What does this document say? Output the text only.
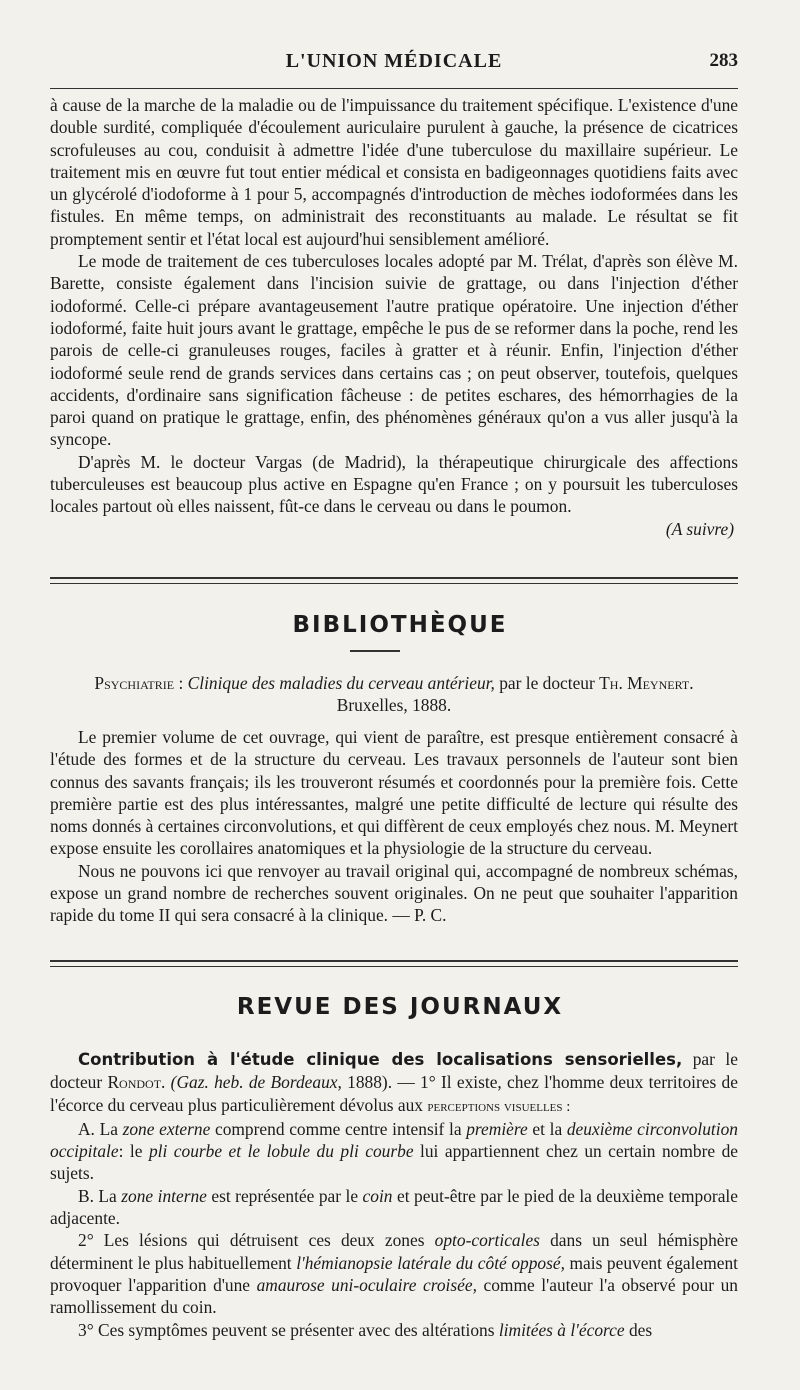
L'UNION MÉDICALE	283

à cause de la marche de la maladie ou de l'impuissance du traitement spécifique. L'existence d'une double surdité, compliquée d'écoulement auriculaire purulent à gauche, la présence de cicatrices scrofuleuses au cou, conduisit à admettre l'idée d'une tuberculose du maxillaire supérieur. Le traitement mis en œuvre fut tout entier médical et consista en badigeonnages quotidiens faits avec un glycérolé d'iodoforme à 1 pour 5, accompagnés d'introduction de mèches iodoformées dans les fistules. En même temps, on administrait des reconstituants au malade. Le résultat se fit promptement sentir et l'état local est aujourd'hui sensiblement amélioré.

Le mode de traitement de ces tuberculoses locales adopté par M. Trélat, d'après son élève M. Barette, consiste également dans l'incision suivie de grattage, ou dans l'injection d'éther iodoformé. Celle-ci prépare avantageusement l'autre pratique opératoire. Une injection d'éther iodoformé, faite huit jours avant le grattage, empêche le pus de se reformer dans la poche, rend les parois de celle-ci granuleuses rouges, faciles à gratter et à réunir. Enfin, l'injection d'éther iodoformé seule rend de grands services dans certains cas ; on peut observer, toutefois, quelques accidents, d'ordinaire sans signification fâcheuse : de petites eschares, des hémorrhagies de la paroi quand on pratique le grattage, enfin, des phénomènes généraux qu'on a vus aller jusqu'à la syncope.

D'après M. le docteur Vargas (de Madrid), la thérapeutique chirurgicale des affections tuberculeuses est beaucoup plus active en Espagne qu'en France ; on y poursuit les tuberculoses locales partout où elles naissent, fût-ce dans le cerveau ou dans le poumon.

(A suivre)

BIBLIOTHÈQUE

Psychiatrie : Clinique des maladies du cerveau antérieur, par le docteur Th. Meynert.

Bruxelles, 1888.

Le premier volume de cet ouvrage, qui vient de paraître, est presque entièrement consacré à l'étude des formes et de la structure du cerveau. Les travaux personnels de l'auteur sont bien connus des savants français; ils les trouveront résumés et coordonnés pour la première fois. Cette première partie est des plus intéressantes, malgré une petite difficulté de lecture qui résulte des noms donnés à certaines circonvolutions, et qui diffèrent de ceux employés chez nous. M. Meynert expose ensuite les corollaires anatomiques et la physiologie de la structure du cerveau.

Nous ne pouvons ici que renvoyer au travail original qui, accompagné de nombreux schémas, expose un grand nombre de recherches souvent originales. On ne peut que souhaiter l'apparition rapide du tome II qui sera consacré à la clinique. — P. C.

REVUE DES JOURNAUX

Contribution à l'étude clinique des localisations sensorielles, par le docteur Rondot. (Gaz. heb. de Bordeaux, 1888). — 1° Il existe, chez l'homme deux territoires de l'écorce du cerveau plus particulièrement dévolus aux perceptions visuelles :

A. La zone externe comprend comme centre intensif la première et la deuxième circonvolution occipitale: le pli courbe et le lobule du pli courbe lui appartiennent chez un certain nombre de sujets.

B. La zone interne est représentée par le coin et peut-être par le pied de la deuxième temporale adjacente.

2° Les lésions qui détruisent ces deux zones opto-corticales dans un seul hémisphère déterminent le plus habituellement l'hémianopsie latérale du côté opposé, mais peuvent également provoquer l'apparition d'une amaurose uni-oculaire croisée, comme l'auteur l'a observé pour un ramollissement du coin.

3° Ces symptômes peuvent se présenter avec des altérations limitées à l'écorce des
